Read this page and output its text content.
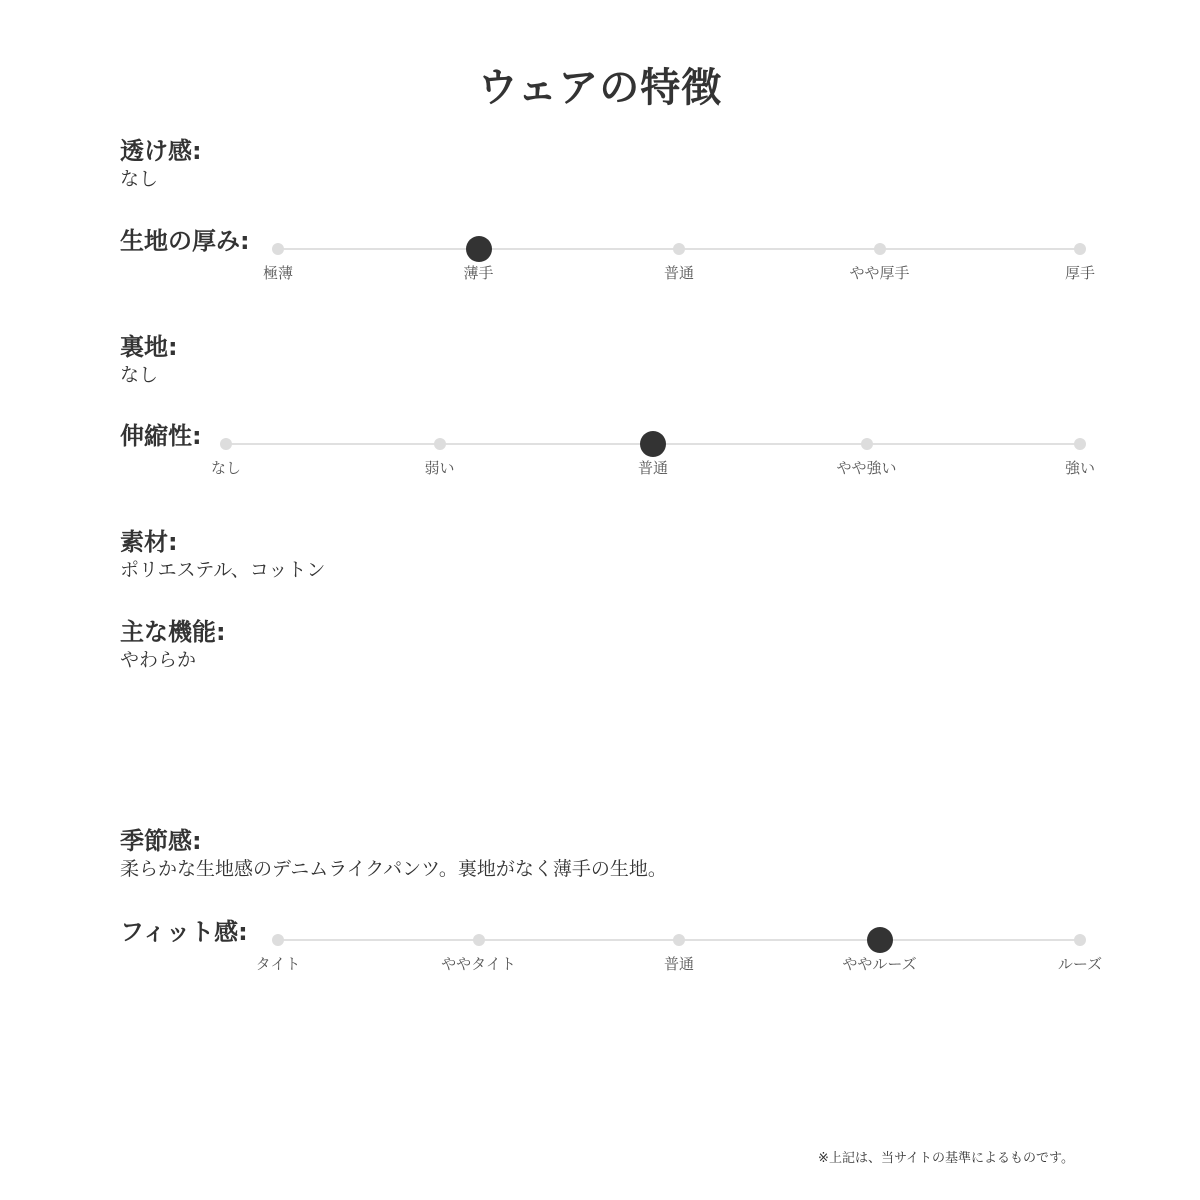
ウェアの特徴
透け感:
なし
生地の厚み:
極薄	薄手	普通	やや厚手	厚手
裏地:
なし
伸縮性:
なし	弱い	普通	やや強い	強い
素材:
ポリエステル、コットン
主な機能:
やわらか
季節感:
柔らかな生地感のデニムライクパンツ。裏地がなく薄手の生地。
フィット感:
タイト	ややタイト	普通	ややルーズ	ルーズ
※上記は、当サイトの基準によるものです。
